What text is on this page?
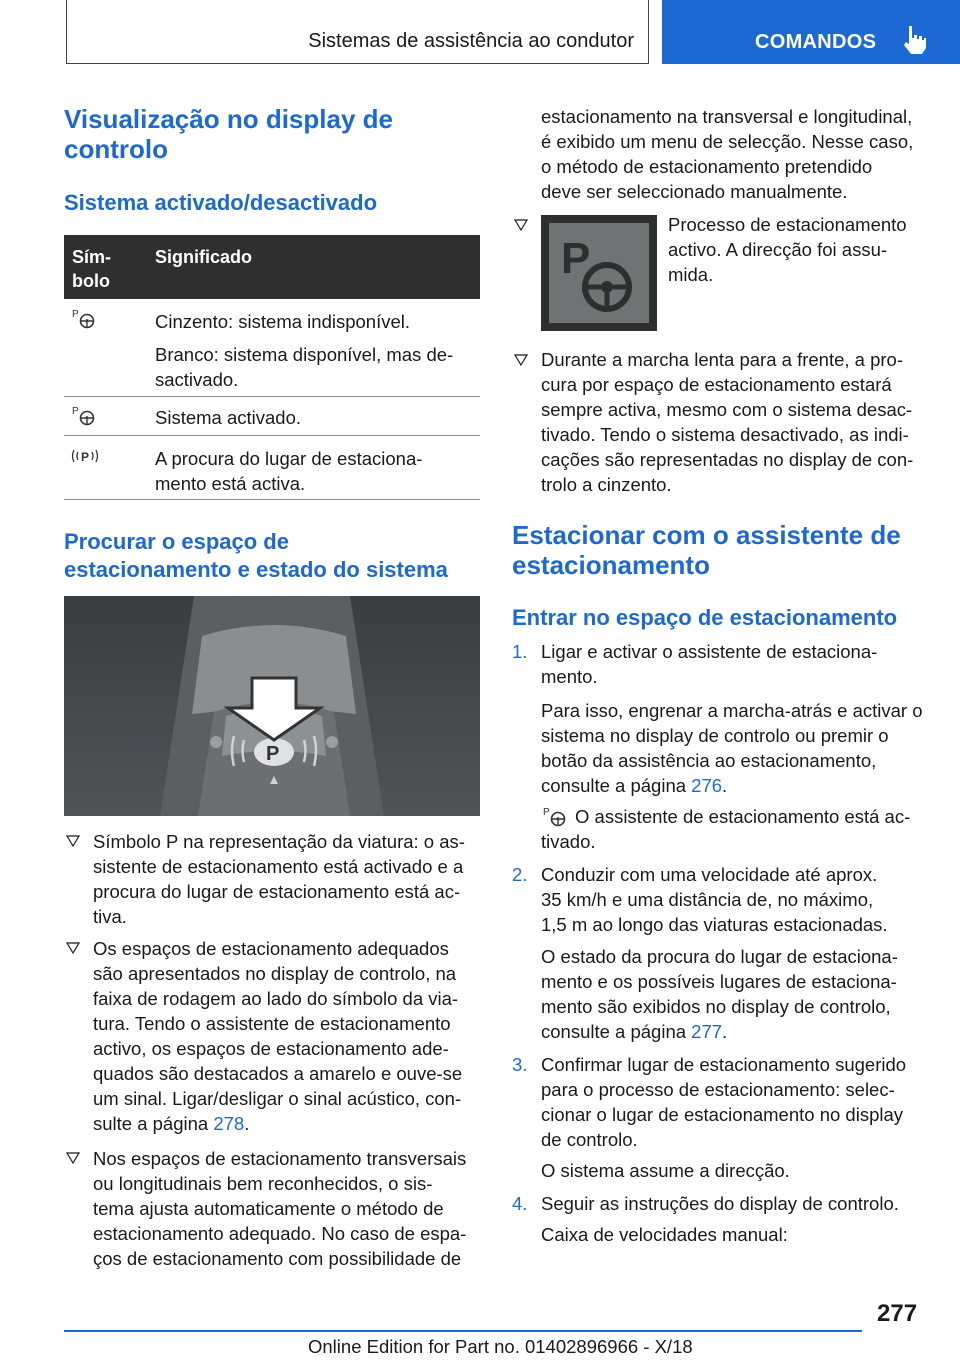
Sistemas de assistência ao condutor	COMANDOS
Visualização no display de
controlo
Sistema activado/desactivado
Sím‐
bolo
Significado
P	Cinzento: sistema indisponível.
Branco: sistema disponível, mas de‐
sactivado.
P	Sistema activado.
P	A procura do lugar de estaciona‐
mento está activa.
Procurar o espaço de
estacionamento e estado do sistema
P
Símbolo P na representação da viatura: o as‐
sistente de estacionamento está activado e a
procura do lugar de estacionamento está ac‐
tiva.
Os espaços de estacionamento adequados
são apresentados no display de controlo, na
faixa de rodagem ao lado do símbolo da via‐
tura. Tendo o assistente de estacionamento
activo, os espaços de estacionamento ade‐
quados são destacados a amarelo e ouve-se
um sinal. Ligar/desligar o sinal acústico, con‐
sulte a página 278.
Nos espaços de estacionamento transversais
ou longitudinais bem reconhecidos, o sis‐
tema ajusta automaticamente o método de
estacionamento adequado. No caso de espa‐
ços de estacionamento com possibilidade de
estacionamento na transversal e longitudinal,
é exibido um menu de selecção. Nesse caso,
o método de estacionamento pretendido
deve ser seleccionado manualmente.
P
Processo de estacionamento
activo. A direcção foi assu‐
mida.
Durante a marcha lenta para a frente, a pro‐
cura por espaço de estacionamento estará
sempre activa, mesmo com o sistema desac‐
tivado. Tendo o sistema desactivado, as indi‐
cações são representadas no display de con‐
trolo a cinzento.
Estacionar com o assistente de
estacionamento
Entrar no espaço de estacionamento
1. Ligar e activar o assistente de estaciona‐
mento.
Para isso, engrenar a marcha-atrás e activar o
sistema no display de controlo ou premir o
botão da assistência ao estacionamento,
consulte a página 276.
P O assistente de estacionamento está ac‐
tivado.
2. Conduzir com uma velocidade até aprox.
35 km/h e uma distância de, no máximo,
1,5 m ao longo das viaturas estacionadas.
O estado da procura do lugar de estaciona‐
mento e os possíveis lugares de estaciona‐
mento são exibidos no display de controlo,
consulte a página 277.
3. Confirmar lugar de estacionamento sugerido
para o processo de estacionamento: selec‐
cionar o lugar de estacionamento no display
de controlo.
O sistema assume a direcção.
4. Seguir as instruções do display de controlo.
Caixa de velocidades manual:
277
Online Edition for Part no. 01402896966 - X/18
